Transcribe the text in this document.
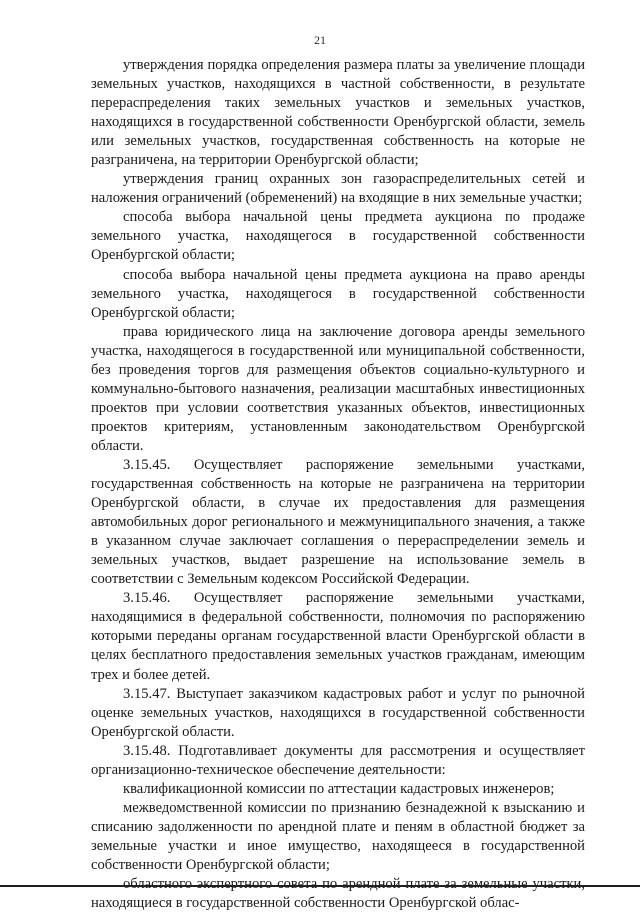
21

утверждения порядка определения размера платы за увеличение площади земельных участков, находящихся в частной собственности, в результате перераспределения таких земельных участков и земельных участков, находящихся в государственной собственности Оренбургской области, земель или земельных участков, государственная собственность на которые не разграничена, на территории Оренбургской области;

утверждения границ охранных зон газораспределительных сетей и наложения ограничений (обременений) на входящие в них земельные участки;

способа выбора начальной цены предмета аукциона по продаже земельного участка, находящегося в государственной собственности Оренбургской области;

способа выбора начальной цены предмета аукциона на право аренды земельного участка, находящегося в государственной собственности Оренбургской области;

права юридического лица на заключение договора аренды земельного участка, находящегося в государственной или муниципальной собственности, без проведения торгов для размещения объектов социально-культурного и коммунально-бытового назначения, реализации масштабных инвестиционных проектов при условии соответствия указанных объектов, инвестиционных проектов критериям, установленным законодательством Оренбургской области.

3.15.45. Осуществляет распоряжение земельными участками, государственная собственность на которые не разграничена на территории Оренбургской области, в случае их предоставления для размещения автомобильных дорог регионального и межмуниципального значения, а также в указанном случае заключает соглашения о перераспределении земель и земельных участков, выдает разрешение на использование земель в соответствии с Земельным кодексом Российской Федерации.

3.15.46. Осуществляет распоряжение земельными участками, находящимися в федеральной собственности, полномочия по распоряжению которыми переданы органам государственной власти Оренбургской области в целях бесплатного предоставления земельных участков гражданам, имеющим трех и более детей.

3.15.47. Выступает заказчиком кадастровых работ и услуг по рыночной оценке земельных участков, находящихся в государственной собственности Оренбургской области.

3.15.48. Подготавливает документы для рассмотрения и осуществляет организационно-техническое обеспечение деятельности:

квалификационной комиссии по аттестации кадастровых инженеров;

межведомственной комиссии по признанию безнадежной к взысканию и списанию задолженности по арендной плате и пеням в областной бюджет за земельные участки и иное имущество, находящееся в государственной собственности Оренбургской области;

находящиеся в государственной собственности Оренбургской облас-
